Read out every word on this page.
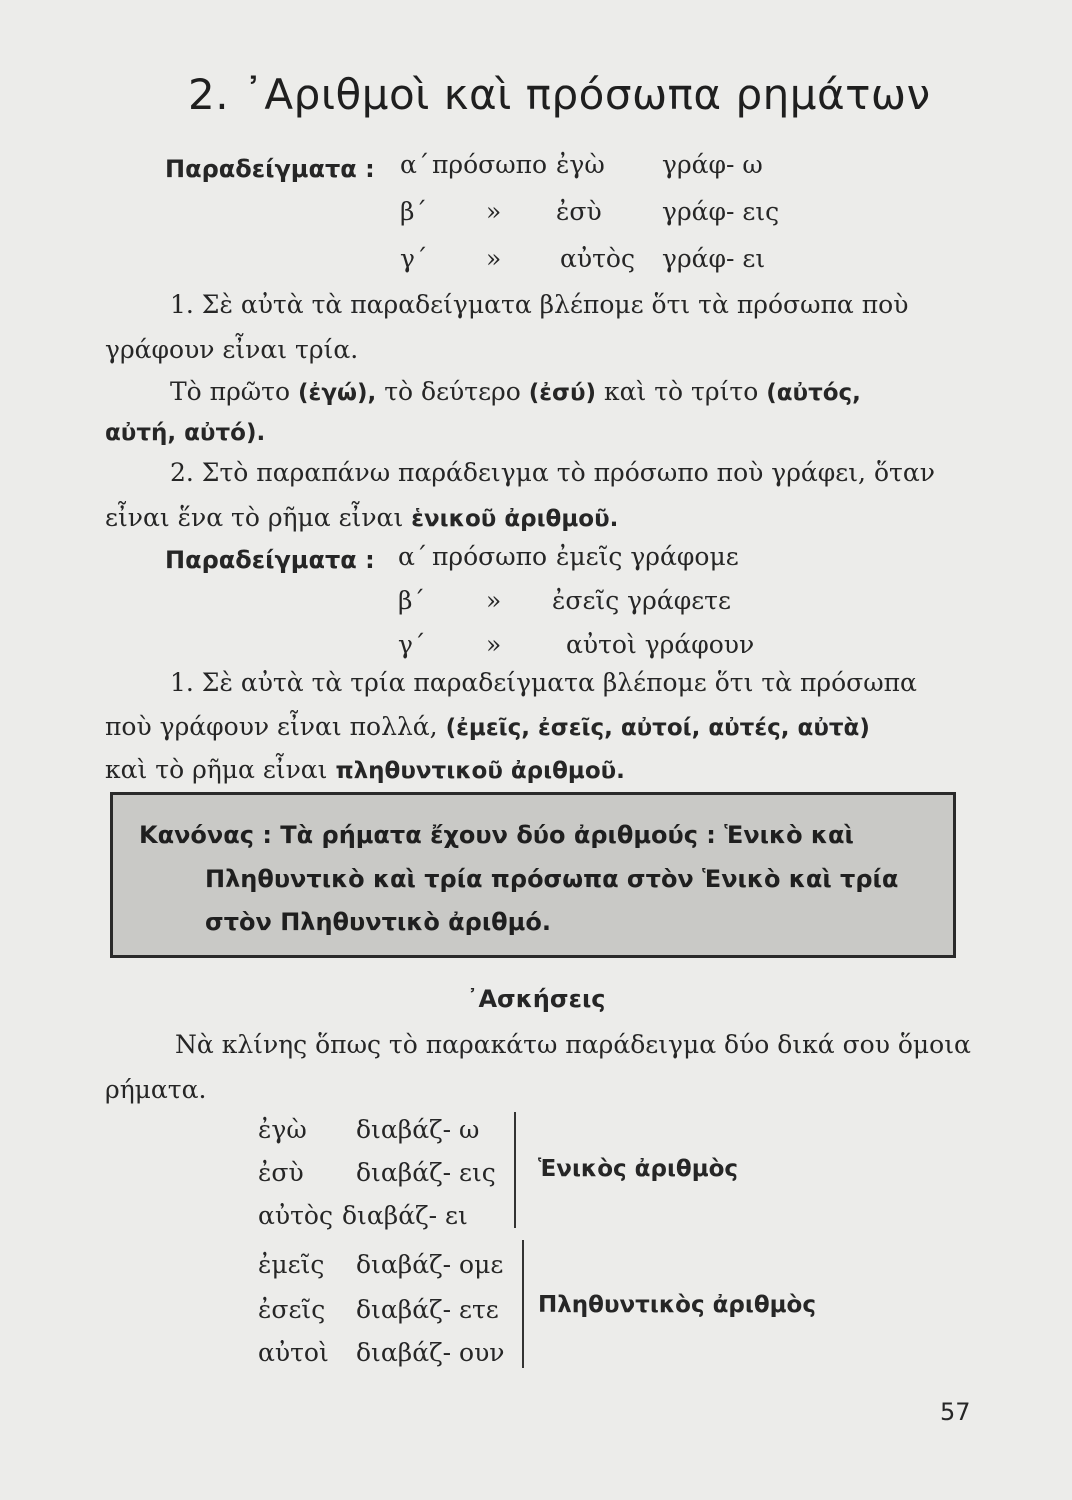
2. ᾿Αριθμοὶ καὶ πρόσωπα ρημάτων
Παραδείγματα : α΄ πρόσωπο ἐγὼ γράφ- ω
β΄ » ἐσὺ γράφ- εις
γ΄ » αὐτὸς γράφ- ει
1. Σὲ αὐτὰ τὰ παραδείγματα βλέπομε ὅτι τὰ πρόσωπα ποὺ
γράφουν εἶναι τρία.
Τὸ πρῶτο (ἐγώ), τὸ δεύτερο (ἐσύ) καὶ τὸ τρίτο (αὐτός,
αὐτή, αὐτό).
2. Στὸ παραπάνω παράδειγμα τὸ πρόσωπο ποὺ γράφει, ὅταν
εἶναι ἕνα τὸ ρῆμα εἶναι ἑνικοῦ ἀριθμοῦ.
Παραδείγματα : α΄ πρόσωπο ἐμεῖς γράφομε
β΄ » ἐσεῖς γράφετε
γ΄ »	αὐτοὶ γράφουν
1. Σὲ αὐτὰ τὰ τρία παραδείγματα βλέπομε ὅτι τὰ πρόσωπα
ποὺ γράφουν εἶναι πολλά, (ἐμεῖς, ἐσεῖς, αὐτοί, αὐτές, αὐτὰ)
καὶ τὸ ρῆμα εἶναι πληθυντικοῦ ἀριθμοῦ.
Κανόνας : Τὰ ρήματα ἔχουν δύο ἀριθμούς : Ἑνικὸ καὶ
Πληθυντικὸ καὶ τρία πρόσωπα στὸν Ἑνικὸ καὶ τρία
στὸν Πληθυντικὸ ἀριθμό.
᾿Ασκήσεις
Νὰ κλίνης ὅπως τὸ παρακάτω παράδειγμα δύο δικά σου ὅμοια
ρήματα.
ἐγὼ διαβάζ- ω
ἐσὺ διαβάζ- εις
αὐτὸς διαβάζ- ει
Ἑνικὸς ἀριθμὸς
ἐμεῖς διαβάζ- ομε
ἐσεῖς διαβάζ- ετε
αὐτοὶ διαβάζ- ουν
Πληθυντικὸς ἀριθμὸς
57
